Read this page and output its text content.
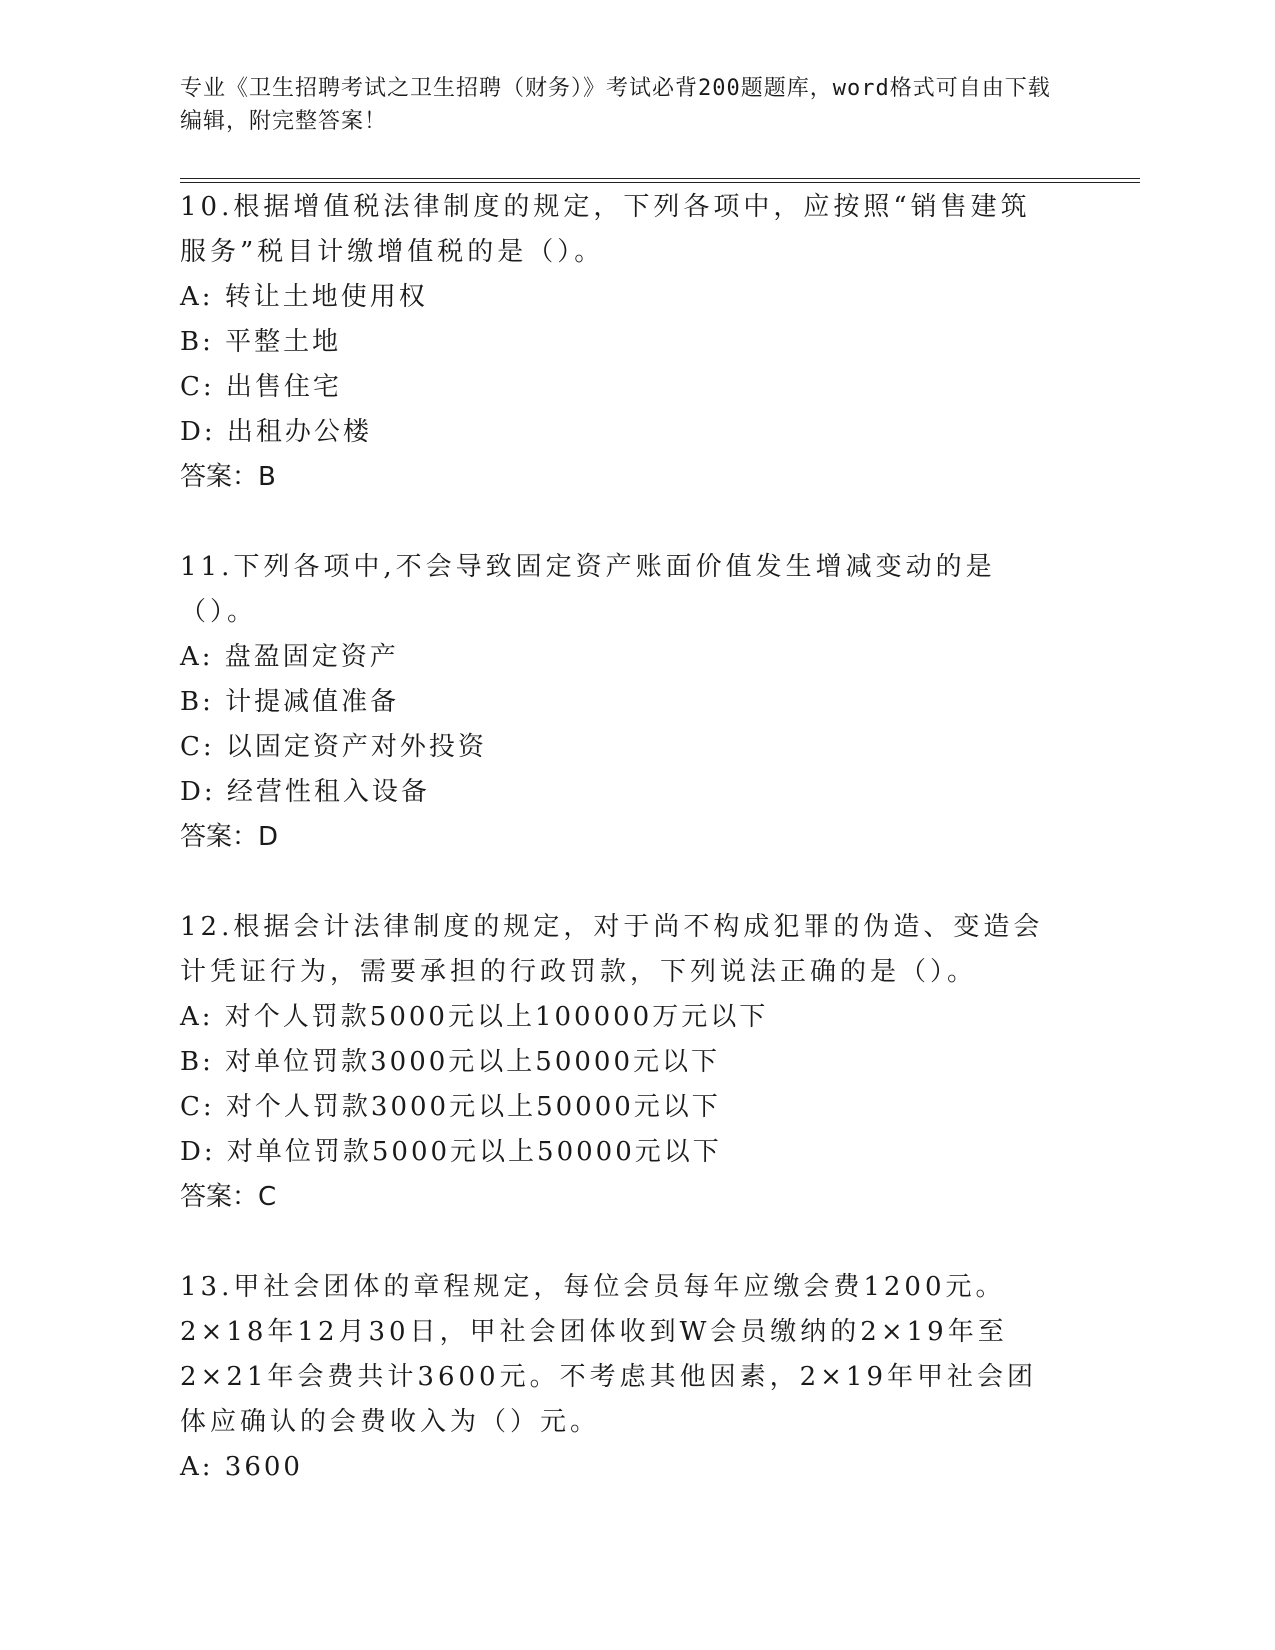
专业《卫生招聘考试之卫生招聘（财务）》考试必背200题题库，word格式可自由下载编辑，附完整答案！

10.根据增值税法律制度的规定，下列各项中，应按照“销售建筑服务”税目计缴增值税的是（）。

A: 转让土地使用权
B: 平整土地
C: 出售住宅
D: 出租办公楼

答案：B

11.下列各项中,不会导致固定资产账面价值发生增减变动的是（）。

A: 盘盈固定资产
B: 计提减值准备
C: 以固定资产对外投资
D: 经营性租入设备

答案：D

12.根据会计法律制度的规定，对于尚不构成犯罪的伪造、变造会计凭证行为，需要承担的行政罚款，下列说法正确的是（）。

A: 对个人罚款5000元以上100000万元以下
B: 对单位罚款3000元以上50000元以下
C: 对个人罚款3000元以上50000元以下
D: 对单位罚款5000元以上50000元以下

答案：C

13.甲社会团体的章程规定，每位会员每年应缴会费1200元。2×18年12月30日，甲社会团体收到W会员缴纳的2×19年至2×21年会费共计3600元。不考虑其他因素，2×19年甲社会团体应确认的会费收入为（）元。

A: 3600
